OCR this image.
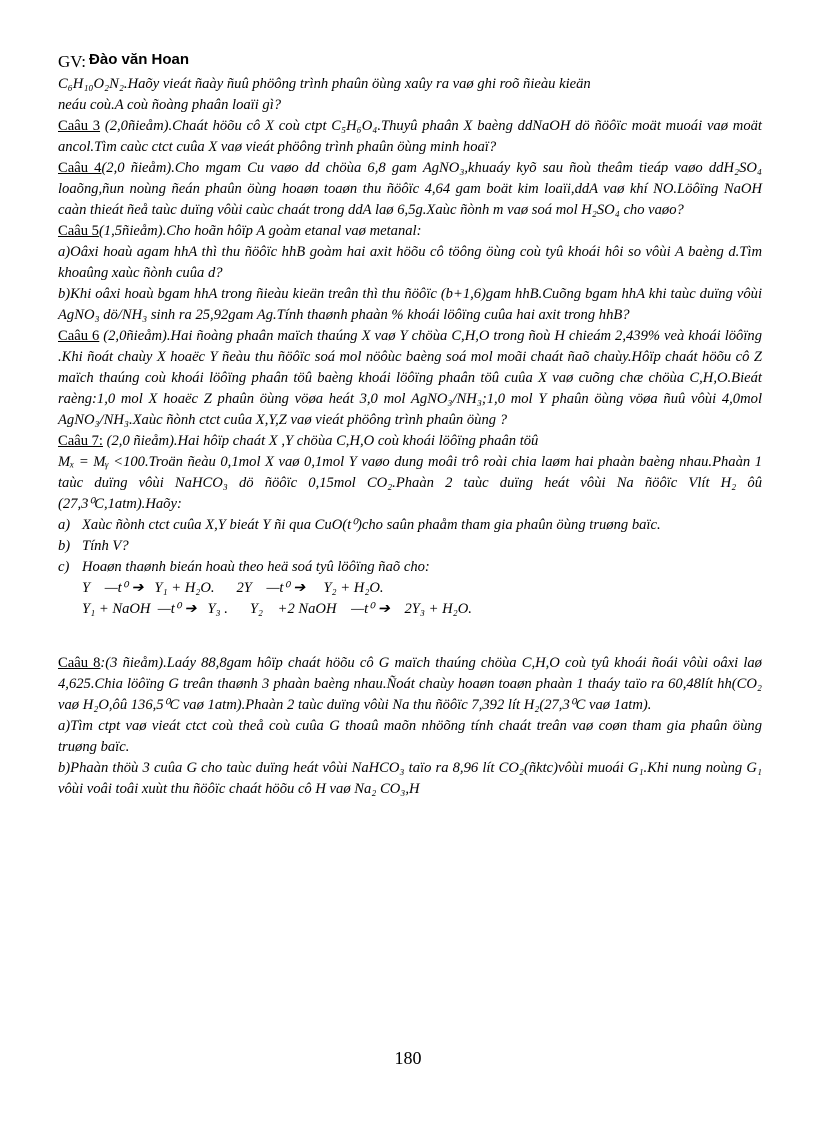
GV: Đào văn Hoan

C₆H₁₀O₂N₂.Haõy vieát ñaày ñuû phöông trình phaûn öùng xaûy ra vaø ghi roõ ñieàu kieän

neáu coù.A coù ñoàng phaân loaïi gì?

Caâu 3 (2,0ñieåm).Chaát höõu cô X coù ctpt C₅H₆O₄.Thuyû phaân X baèng ddNaOH dö ñöôïc moät muoái vaø moät ancol.Tìm caùc ctct cuûa X vaø vieát phöông trình phaûn öùng minh hoaï?

Caâu 4(2,0 ñieåm).Cho mgam Cu vaøo dd chöùa 6,8 gam AgNO₃,khuaáy kyõ sau ñoù theâm tieáp vaøo ddH₂SO₄ loaõng,ñun noùng ñeán phaûn öùng hoaøn toaøn thu ñöôïc 4,64 gam boät kim loaïi,ddA vaø khí NO.Löôïng NaOH caàn thieát ñeå taùc duïng vôùi caùc chaát trong ddA laø 6,5g.Xaùc ñònh m vaø soá mol H₂SO₄ cho vaøo?

Caâu 5(1,5ñieåm).Cho hoãn hôïp A goàm etanal vaø metanal:

a)Oâxi hoaù agam hhA thì thu ñöôïc hhB goàm hai axit höõu cô töông öùng coù tyû khoái hôi so vôùi A baèng d.Tìm khoaûng xaùc ñònh cuûa d?

b)Khi oâxi hoaù bgam hhA trong ñieàu kieän treân thì thu ñöôïc (b+1,6)gam hhB.Cuõng bgam hhA khi taùc duïng vôùi AgNO₃ dö/NH₃ sinh ra 25,92gam Ag.Tính thaønh phaàn % khoái löôïng cuûa hai axit trong hhB?

Caâu 6 (2,0ñieåm).Hai ñoàng phaân maïch thaúng X vaø Y chöùa C,H,O trong ñoù H chieám 2,439% veà khoái löôïng .Khi ñoát chaùy X hoaëc Y ñeàu thu ñöôïc soá mol nöôùc baèng soá mol moãi chaát ñaõ chaùy.Hôïp chaát höõu cô Z maïch thaúng coù khoái löôïng phaân töû baèng khoái löôïng phaân töû cuûa X vaø cuõng chæ chöùa C,H,O.Bieát raèng:1,0 mol X hoaëc Z phaûn öùng vöøa heát 3,0 mol AgNO₃/NH₃;1,0 mol Y phaûn öùng vöøa ñuû vôùi 4,0mol AgNO₃/NH₃.Xaùc ñònh ctct cuûa X,Y,Z vaø vieát phöông trình phaûn öùng ?

Caâu 7: (2,0 ñieåm).Hai hôïp chaát X ,Y chöùa C,H,O coù khoái löôïng phaân töû

Mₓ = Mᵧ <100.Troän ñeàu 0,1mol X vaø 0,1mol Y vaøo dung moâi trô roài chia laøm hai phaàn baèng nhau.Phaàn 1 taùc duïng vôùi NaHCO₃ dö ñöôïc 0,15mol CO₂.Phaàn 2 taùc duïng heát vôùi Na ñöôïc Vlít H₂ ôû (27,3⁰C,1atm).Haõy:

a) Xaùc ñònh ctct cuûa X,Y bieát Y ñi qua CuO(t⁰)cho saûn phaåm tham gia phaûn öùng truøng baïc.
b) Tính V?
c) Hoaøn thaønh bieán hoaù theo heä soá tyû löôïng ñaõ cho:

Y    —t⁰ ➔   Y₁ + H₂O.      2Y    —t⁰ ➔     Y₂ + H₂O.

Y₁ + NaOH  —t⁰ ➔   Y₃ .      Y₂    +2 NaOH    —t⁰ ➔    2Y₃ + H₂O.

Caâu 8:(3 ñieåm).Laáy 88,8gam hôïp chaát höõu cô G maïch thaúng chöùa C,H,O coù tyû khoái ñoái vôùi oâxi laø 4,625.Chia löôïng G treân thaønh 3 phaàn baèng nhau.Ñoát chaùy hoaøn toaøn phaàn 1 thaáy taïo ra 60,48lít hh(CO₂ vaø H₂O,ôû 136,5⁰C vaø 1atm).Phaàn 2 taùc duïng vôùi Na thu ñöôïc 7,392 lít H₂(27,3⁰C vaø 1atm).

a)Tìm ctpt vaø vieát ctct coù theå coù cuûa G thoaû maõn nhöõng tính chaát treân vaø coøn tham gia phaûn öùng truøng baïc.

b)Phaàn thöù 3 cuûa G cho taùc duïng heát vôùi NaHCO₃ taïo ra 8,96 lít CO₂(ñktc)vôùi muoái G₁.Khi nung noùng G₁ vôùi voâi toâi xuùt thu ñöôïc chaát höõu cô H vaø Na₂ CO₃,H

180
